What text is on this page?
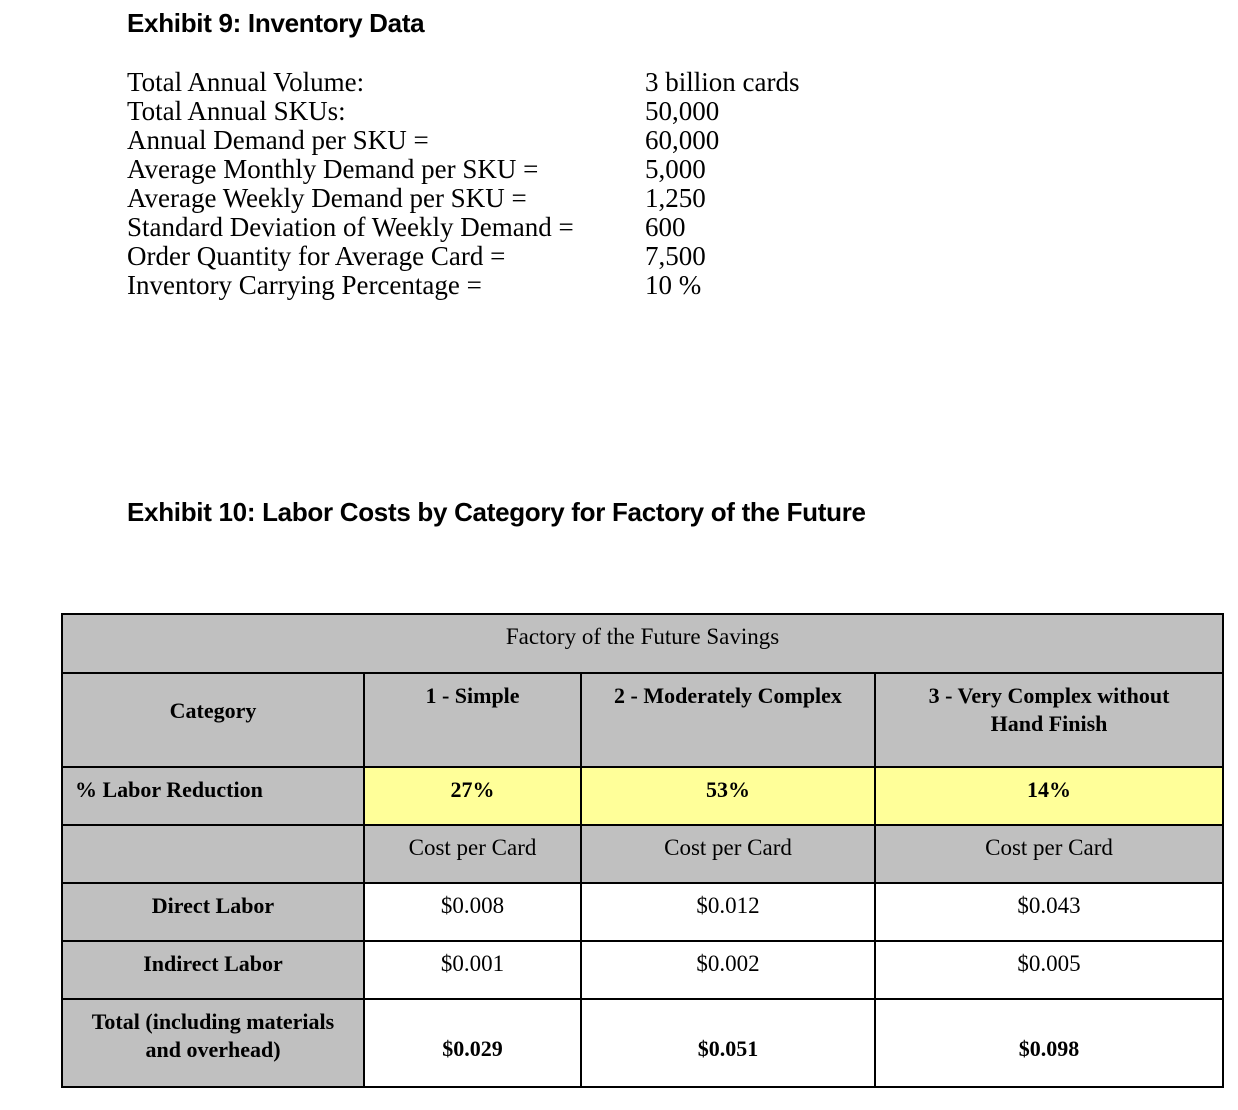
Exhibit 9: Inventory Data
Total Annual Volume:	3 billion cards
Total Annual SKUs:	50,000
Annual Demand per SKU =	60,000
Average Monthly Demand per SKU =	5,000
Average Weekly Demand per SKU =	1,250
Standard Deviation of Weekly Demand =	600
Order Quantity for Average Card =	7,500
Inventory Carrying Percentage =	10 %
Exhibit 10: Labor Costs by Category for Factory of the Future
Factory of the Future Savings			
Category	1 - Simple	2 - Moderately Complex	3 - Very Complex without Hand Finish
% Labor Reduction	27%	53%	14%
	Cost per Card	Cost per Card	Cost per Card
Direct Labor	$0.008	$0.012	$0.043
Indirect Labor	$0.001	$0.002	$0.005
Total (including materials and overhead)	$0.029	$0.051	$0.098
